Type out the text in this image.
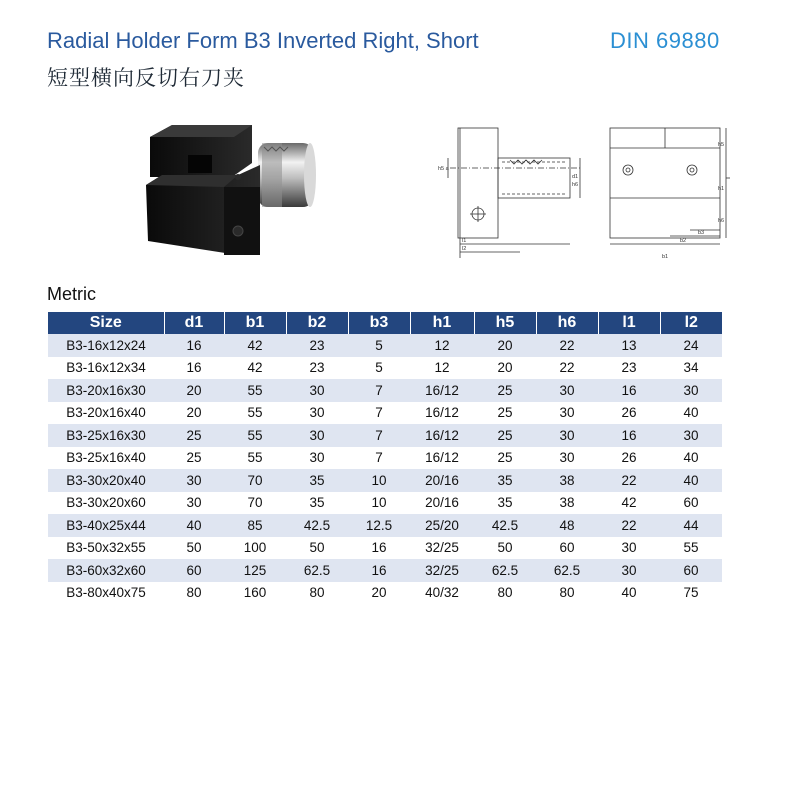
Radial Holder Form B3 Inverted Right, Short	DIN 69880
短型横向反切右刀夹
h5 a
d1
h6
l1
l2
b1
b2
b3
h5
h1
h6
Metric
Size	d1	b1	b2	b3	h1	h5	h6	l1	l2
B3-16x12x24	16	42	23	5	12	20	22	13	24
B3-16x12x34	16	42	23	5	12	20	22	23	34
B3-20x16x30	20	55	30	7	16/12	25	30	16	30
B3-20x16x40	20	55	30	7	16/12	25	30	26	40
B3-25x16x30	25	55	30	7	16/12	25	30	16	30
B3-25x16x40	25	55	30	7	16/12	25	30	26	40
B3-30x20x40	30	70	35	10	20/16	35	38	22	40
B3-30x20x60	30	70	35	10	20/16	35	38	42	60
B3-40x25x44	40	85	42.5	12.5	25/20	42.5	48	22	44
B3-50x32x55	50	100	50	16	32/25	50	60	30	55
B3-60x32x60	60	125	62.5	16	32/25	62.5	62.5	30	60
B3-80x40x75	80	160	80	20	40/32	80	80	40	75
